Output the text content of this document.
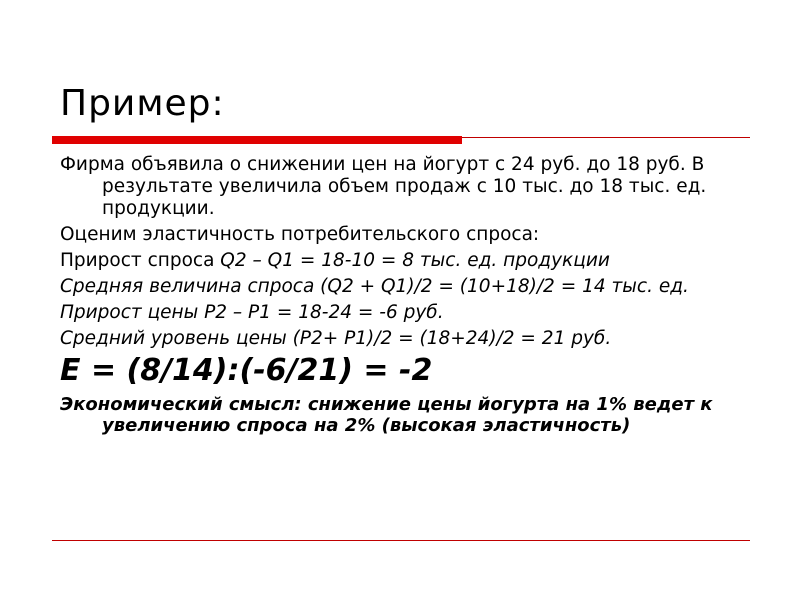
Пример:

Фирма объявила о снижении цен на йогурт с 24 руб. до 18 руб. В результате увеличила объем продаж с 10 тыс. до 18 тыс. ед. продукции.

Оценим эластичность потребительского спроса:

Прирост спроса Q2 – Q1 = 18-10 = 8 тыс. ед. продукции

Средняя величина спроса (Q2 + Q1)/2 = (10+18)/2 = 14 тыс. ед.

Прирост цены P2 – P1 = 18-24 = -6 руб.

Средний уровень цены (P2+ P1)/2 = (18+24)/2 = 21 руб.

E = (8/14):(-6/21) = -2

Экономический смысл: снижение цены йогурта на 1% ведет к увеличению спроса на 2% (высокая эластичность)
